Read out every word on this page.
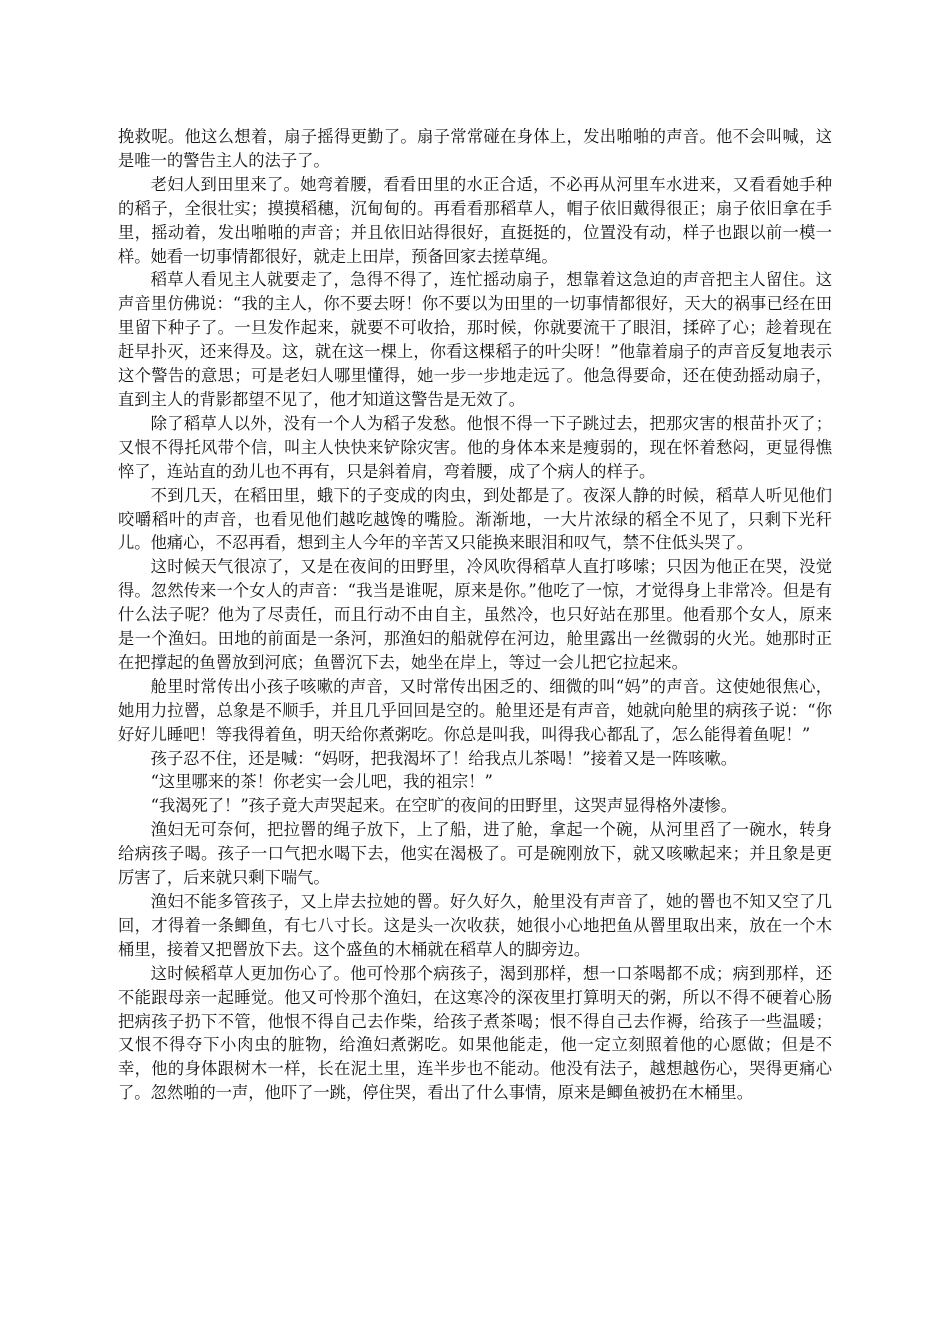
挽救呢。他这么想着，扇子摇得更勤了。扇子常常碰在身体上，发出啪啪的声音。他不会叫喊，这是唯一的警告主人的法子了。

老妇人到田里来了。她弯着腰，看看田里的水正合适，不必再从河里车水进来，又看看她手种的稻子，全很壮实；摸摸稻穗，沉甸甸的。再看看那稻草人，帽子依旧戴得很正；扇子依旧拿在手里，摇动着，发出啪啪的声音；并且依旧站得很好，直挺挺的，位置没有动，样子也跟以前一模一样。她看一切事情都很好，就走上田岸，预备回家去搓草绳。

稻草人看见主人就要走了，急得不得了，连忙摇动扇子，想靠着这急迫的声音把主人留住。这声音里仿佛说：“我的主人，你不要去呀！你不要以为田里的一切事情都很好，天大的祸事已经在田里留下种子了。一旦发作起来，就要不可收拾，那时候，你就要流干了眼泪，揉碎了心；趁着现在赶早扑灭，还来得及。这，就在这一棵上，你看这棵稻子的叶尖呀！”他靠着扇子的声音反复地表示这个警告的意思；可是老妇人哪里懂得，她一步一步地走远了。他急得要命，还在使劲摇动扇子，直到主人的背影都望不见了，他才知道这警告是无效了。

除了稻草人以外，没有一个人为稻子发愁。他恨不得一下子跳过去，把那灾害的根苗扑灭了；又恨不得托风带个信，叫主人快快来铲除灾害。他的身体本来是瘦弱的，现在怀着愁闷，更显得憔悴了，连站直的劲儿也不再有，只是斜着肩，弯着腰，成了个病人的样子。

不到几天，在稻田里，蛾下的子变成的肉虫，到处都是了。夜深人静的时候，稻草人听见他们咬嚼稻叶的声音，也看见他们越吃越馋的嘴脸。渐渐地，一大片浓绿的稻全不见了，只剩下光秆儿。他痛心，不忍再看，想到主人今年的辛苦又只能换来眼泪和叹气，禁不住低头哭了。

这时候天气很凉了，又是在夜间的田野里，冷风吹得稻草人直打哆嗦；只因为他正在哭，没觉得。忽然传来一个女人的声音：“我当是谁呢，原来是你。”他吃了一惊，才觉得身上非常冷。但是有什么法子呢？他为了尽责任，而且行动不由自主，虽然冷，也只好站在那里。他看那个女人，原来是一个渔妇。田地的前面是一条河，那渔妇的船就停在河边，舱里露出一丝微弱的火光。她那时正在把撑起的鱼罾放到河底；鱼罾沉下去，她坐在岸上，等过一会儿把它拉起来。

舱里时常传出小孩子咳嗽的声音，又时常传出困乏的、细微的叫“妈”的声音。这使她很焦心，她用力拉罾，总象是不顺手，并且几乎回回是空的。舱里还是有声音，她就向舱里的病孩子说：“你好好儿睡吧！等我得着鱼，明天给你煮粥吃。你总是叫我，叫得我心都乱了，怎么能得着鱼呢！”

孩子忍不住，还是喊：“妈呀，把我渴坏了！给我点儿茶喝！”接着又是一阵咳嗽。

“这里哪来的茶！你老实一会儿吧，我的祖宗！”

“我渴死了！”孩子竟大声哭起来。在空旷的夜间的田野里，这哭声显得格外凄惨。

渔妇无可奈何，把拉罾的绳子放下，上了船，进了舱，拿起一个碗，从河里舀了一碗水，转身给病孩子喝。孩子一口气把水喝下去，他实在渴极了。可是碗刚放下，就又咳嗽起来；并且象是更厉害了，后来就只剩下喘气。

渔妇不能多管孩子，又上岸去拉她的罾。好久好久，舱里没有声音了，她的罾也不知又空了几回，才得着一条鲫鱼，有七八寸长。这是头一次收获，她很小心地把鱼从罾里取出来，放在一个木桶里，接着又把罾放下去。这个盛鱼的木桶就在稻草人的脚旁边。

这时候稻草人更加伤心了。他可怜那个病孩子，渴到那样，想一口茶喝都不成；病到那样，还不能跟母亲一起睡觉。他又可怜那个渔妇，在这寒冷的深夜里打算明天的粥，所以不得不硬着心肠把病孩子扔下不管，他恨不得自己去作柴，给孩子煮茶喝；恨不得自己去作褥，给孩子一些温暖；又恨不得夺下小肉虫的脏物，给渔妇煮粥吃。如果他能走，他一定立刻照着他的心愿做；但是不幸，他的身体跟树木一样，长在泥土里，连半步也不能动。他没有法子，越想越伤心，哭得更痛心了。忽然啪的一声，他吓了一跳，停住哭，看出了什么事情，原来是鲫鱼被扔在木桶里。
